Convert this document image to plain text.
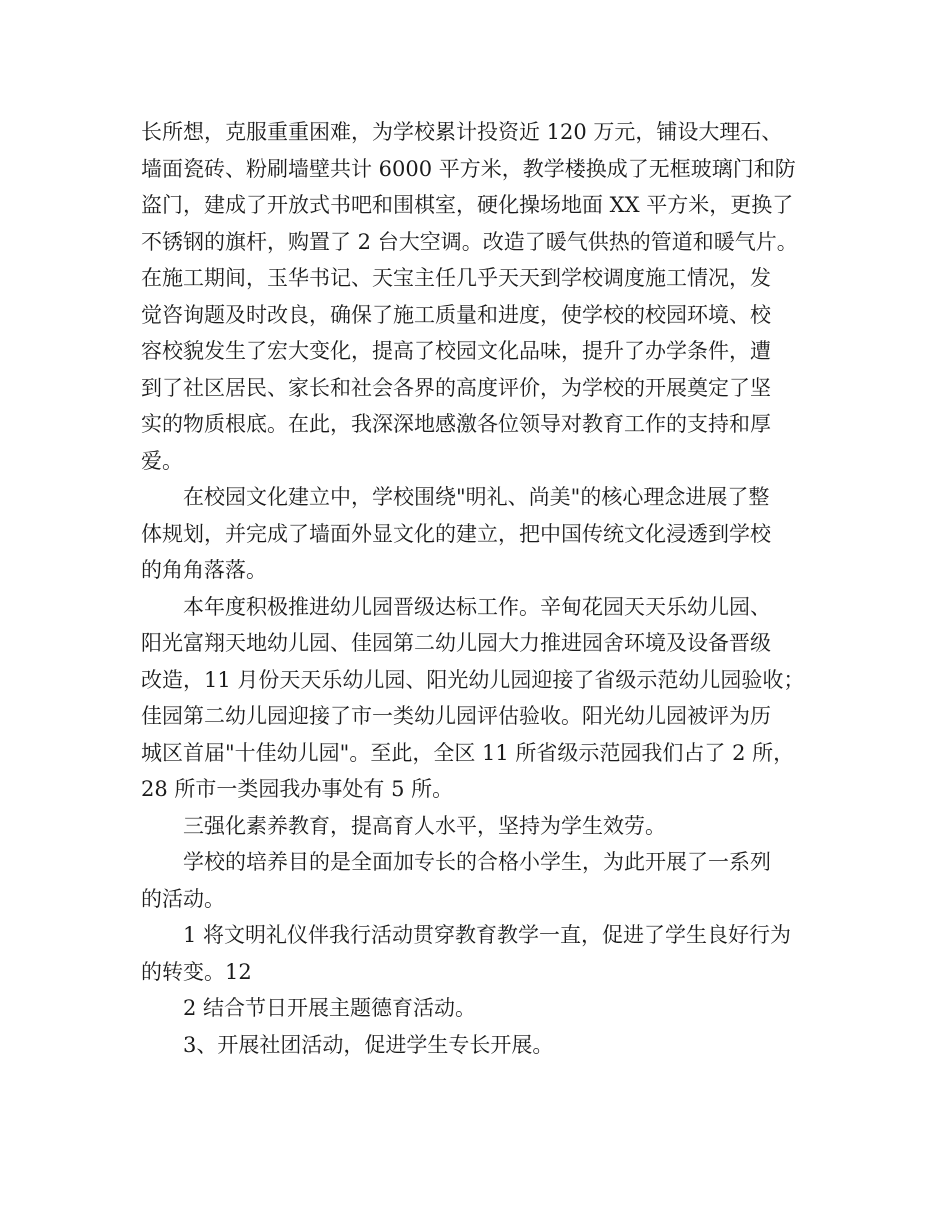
长所想，克服重重困难，为学校累计投资近 120 万元，铺设大理石、
墙面瓷砖、粉刷墙壁共计 6000 平方米，教学楼换成了无框玻璃门和防
盗门，建成了开放式书吧和围棋室，硬化操场地面 XX 平方米，更换了
不锈钢的旗杆，购置了 2 台大空调。改造了暖气供热的管道和暖气片。
在施工期间，玉华书记、天宝主任几乎天天到学校调度施工情况，发
觉咨询题及时改良，确保了施工质量和进度，使学校的校园环境、校
容校貌发生了宏大变化，提高了校园文化品味，提升了办学条件，遭
到了社区居民、家长和社会各界的高度评价，为学校的开展奠定了坚
实的物质根底。在此，我深深地感激各位领导对教育工作的支持和厚
爱。
在校园文化建立中，学校围绕"明礼、尚美"的核心理念进展了整
体规划，并完成了墙面外显文化的建立，把中国传统文化浸透到学校
的角角落落。
本年度积极推进幼儿园晋级达标工作。辛甸花园天天乐幼儿园、
阳光富翔天地幼儿园、佳园第二幼儿园大力推进园舍环境及设备晋级
改造，11 月份天天乐幼儿园、阳光幼儿园迎接了省级示范幼儿园验收；
佳园第二幼儿园迎接了市一类幼儿园评估验收。阳光幼儿园被评为历
城区首届"十佳幼儿园"。至此，全区 11 所省级示范园我们占了 2 所，
28 所市一类园我办事处有 5 所。
三强化素养教育，提高育人水平，坚持为学生效劳。
学校的培养目的是全面加专长的合格小学生，为此开展了一系列
的活动。
1 将文明礼仪伴我行活动贯穿教育教学一直，促进了学生良好行为
的转变。12
2 结合节日开展主题德育活动。
3、开展社团活动，促进学生专长开展。
